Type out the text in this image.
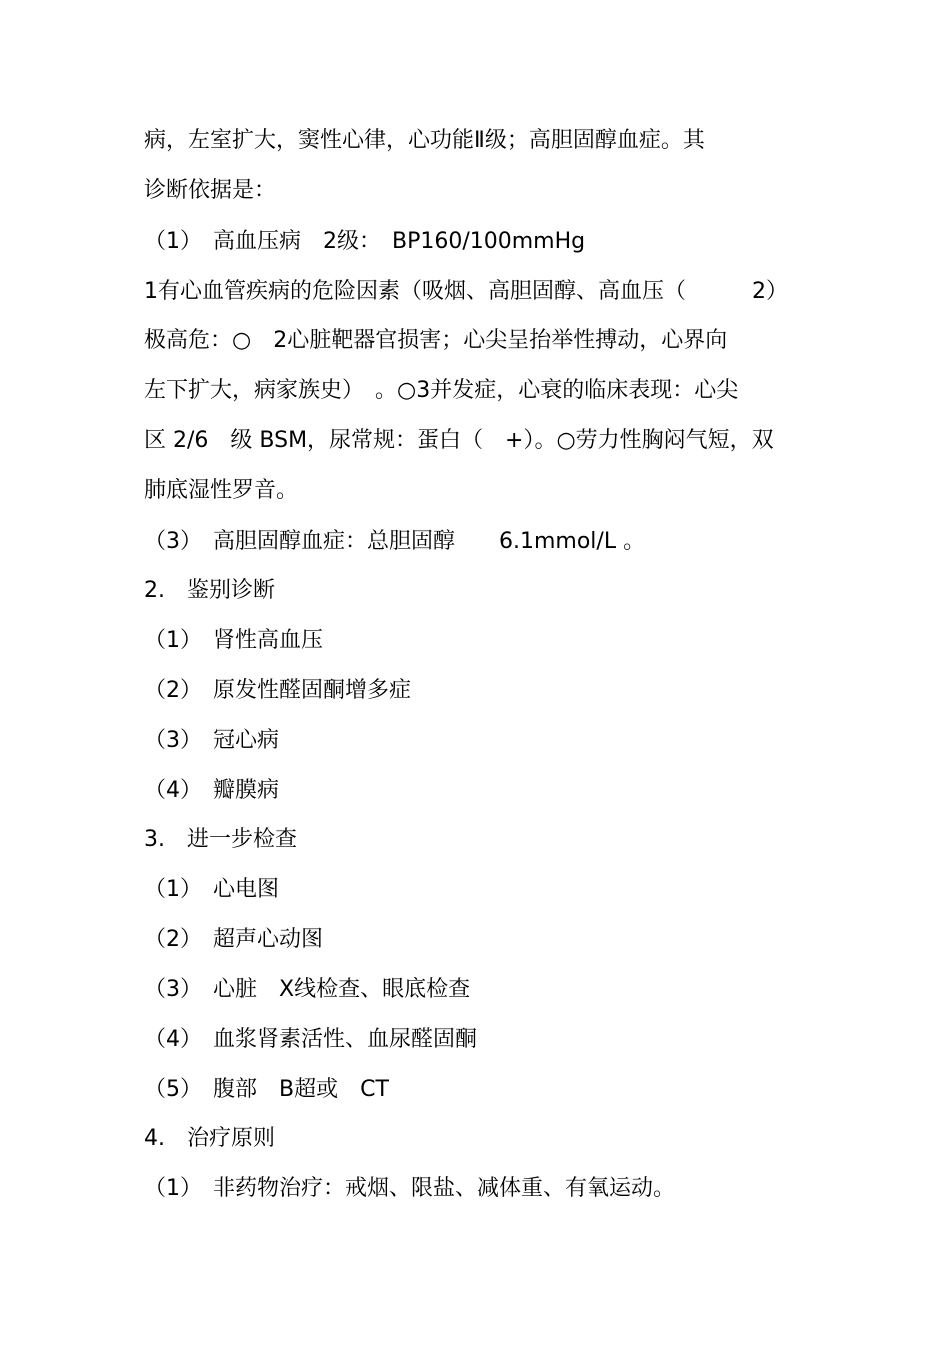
病，左室扩大，窦性心律，心功能Ⅱ级；高胆固醇血症。其
诊断依据是：
（1）　高血压病　2级：　BP160/100mmHg
1有心血管疾病的危险因素（吸烟、高胆固醇、高血压（　　　2）
极高危：○　2心脏靶器官损害；心尖呈抬举性搏动，心界向
左下扩大，病家族史）　。○3并发症，心衰的临床表现：心尖
区 2/6　级 BSM，尿常规：蛋白（　+）。○劳力性胸闷气短，双
肺底湿性罗音。
（3）　高胆固醇血症：总胆固醇　　6.1mmol/L 。
2.　鉴别诊断
（1）　肾性高血压
（2）　原发性醛固酮增多症
（3）　冠心病
（4）　瓣膜病
3.　进一步检查
（1）　心电图
（2）　超声心动图
（3）　心脏　X线检查、眼底检查
（4）　血浆肾素活性、血尿醛固酮
（5）　腹部　B超或　CT
4.　治疗原则
（1）　非药物治疗：戒烟、限盐、减体重、有氧运动。
